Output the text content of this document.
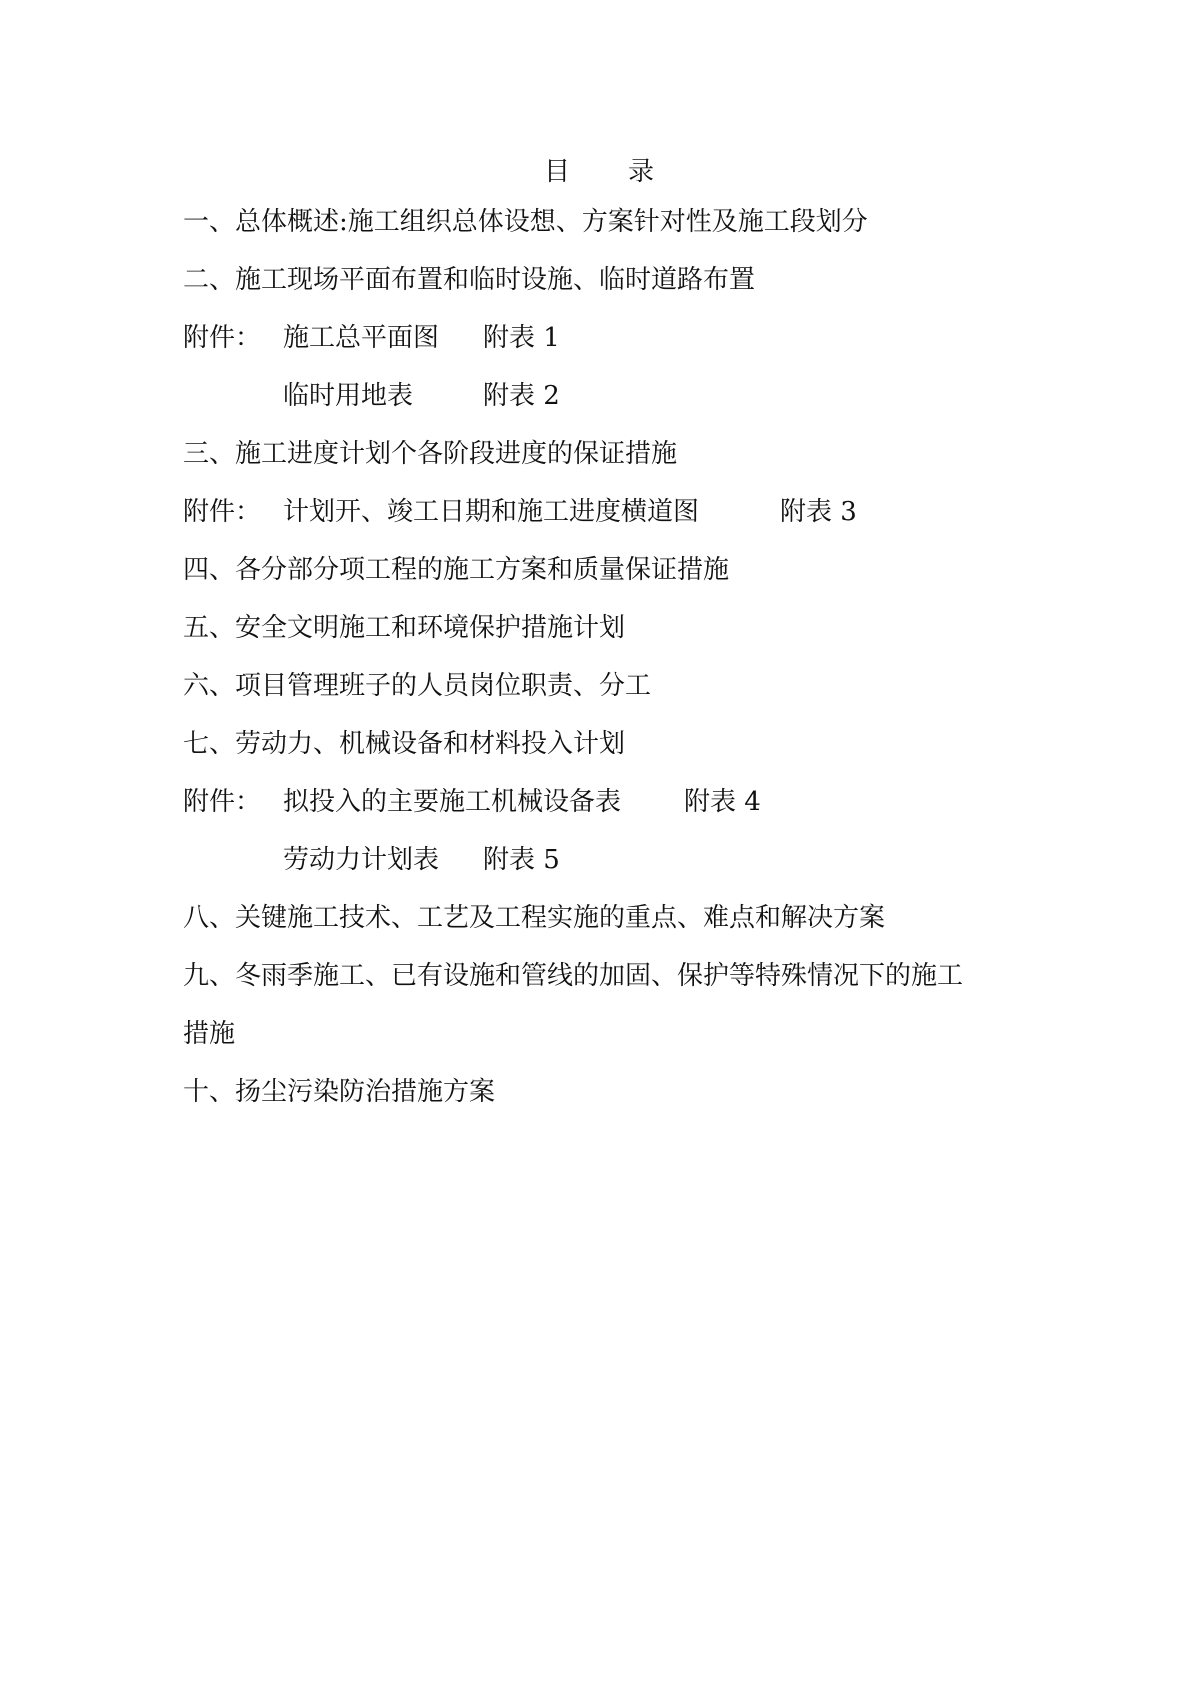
目 录
一、总体概述:施工组织总体设想、方案针对性及施工段划分
二、施工现场平面布置和临时设施、临时道路布置
附件： 施工总平面图 附表 1
临时用地表	附表 2
三、施工进度计划个各阶段进度的保证措施
附件： 计划开、竣工日期和施工进度横道图	附表 3
四、各分部分项工程的施工方案和质量保证措施
五、安全文明施工和环境保护措施计划
六、项目管理班子的人员岗位职责、分工
七、劳动力、机械设备和材料投入计划
附件： 拟投入的主要施工机械设备表 附表 4
劳动力计划表 附表 5
八、关键施工技术、工艺及工程实施的重点、难点和解决方案
九、冬雨季施工、已有设施和管线的加固、保护等特殊情况下的施工
措施
十、扬尘污染防治措施方案
